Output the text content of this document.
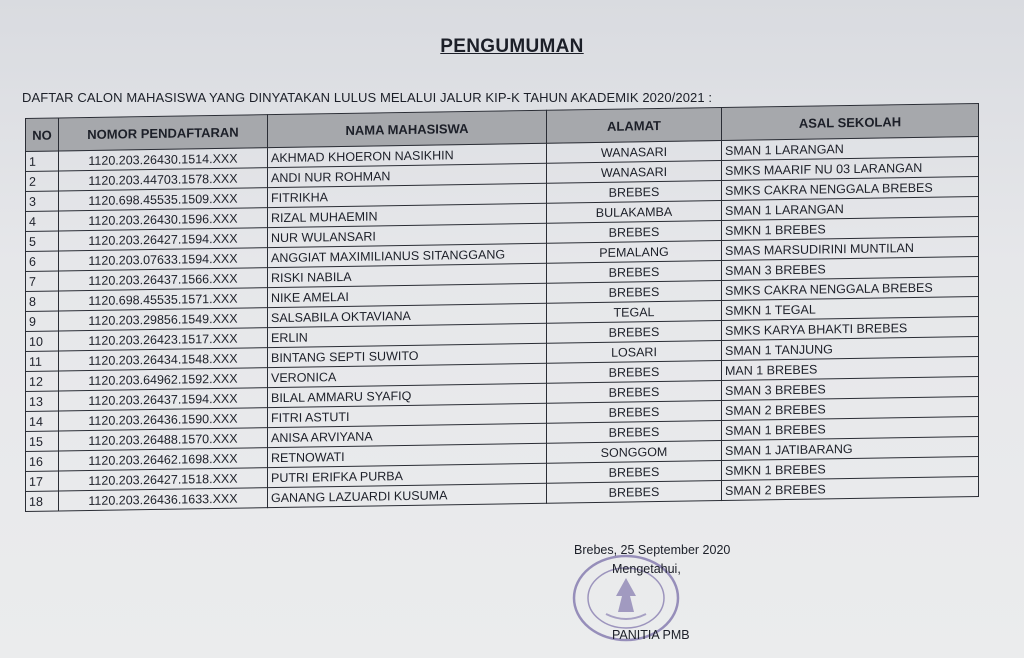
PENGUMUMAN
DAFTAR CALON MAHASISWA YANG DINYATAKAN LULUS MELALUI JALUR KIP-K TAHUN AKADEMIK 2020/2021 :
NO	NOMOR PENDAFTARAN	NAMA MAHASISWA	ALAMAT	ASAL SEKOLAH
1	1120.203.26430.1514.XXX	AKHMAD KHOERON NASIKHIN	WANASARI	SMAN 1 LARANGAN
2	1120.203.44703.1578.XXX	ANDI NUR ROHMAN	WANASARI	SMKS MAARIF NU 03 LARANGAN
3	1120.698.45535.1509.XXX	FITRIKHA	BREBES	SMKS CAKRA NENGGALA BREBES
4	1120.203.26430.1596.XXX	RIZAL MUHAEMIN	BULAKAMBA	SMAN 1 LARANGAN
5	1120.203.26427.1594.XXX	NUR WULANSARI	BREBES	SMKN 1 BREBES
6	1120.203.07633.1594.XXX	ANGGIAT MAXIMILIANUS SITANGGANG	PEMALANG	SMAS MARSUDIRINI MUNTILAN
7	1120.203.26437.1566.XXX	RISKI NABILA	BREBES	SMAN 3 BREBES
8	1120.698.45535.1571.XXX	NIKE AMELAI	BREBES	SMKS CAKRA NENGGALA BREBES
9	1120.203.29856.1549.XXX	SALSABILA OKTAVIANA	TEGAL	SMKN 1 TEGAL
10	1120.203.26423.1517.XXX	ERLIN	BREBES	SMKS KARYA BHAKTI BREBES
11	1120.203.26434.1548.XXX	BINTANG SEPTI SUWITO	LOSARI	SMAN 1 TANJUNG
12	1120.203.64962.1592.XXX	VERONICA	BREBES	MAN 1 BREBES
13	1120.203.26437.1594.XXX	BILAL AMMARU SYAFIQ	BREBES	SMAN 3 BREBES
14	1120.203.26436.1590.XXX	FITRI ASTUTI	BREBES	SMAN 2 BREBES
15	1120.203.26488.1570.XXX	ANISA ARVIYANA	BREBES	SMAN 1 BREBES
16	1120.203.26462.1698.XXX	RETNOWATI	SONGGOM	SMAN 1 JATIBARANG
17	1120.203.26427.1518.XXX	PUTRI ERIFKA PURBA	BREBES	SMKN 1 BREBES
18	1120.203.26436.1633.XXX	GANANG LAZUARDI KUSUMA	BREBES	SMAN 2 BREBES
Brebes, 25 September 2020
Mengetahui,
PANITIA PMB
